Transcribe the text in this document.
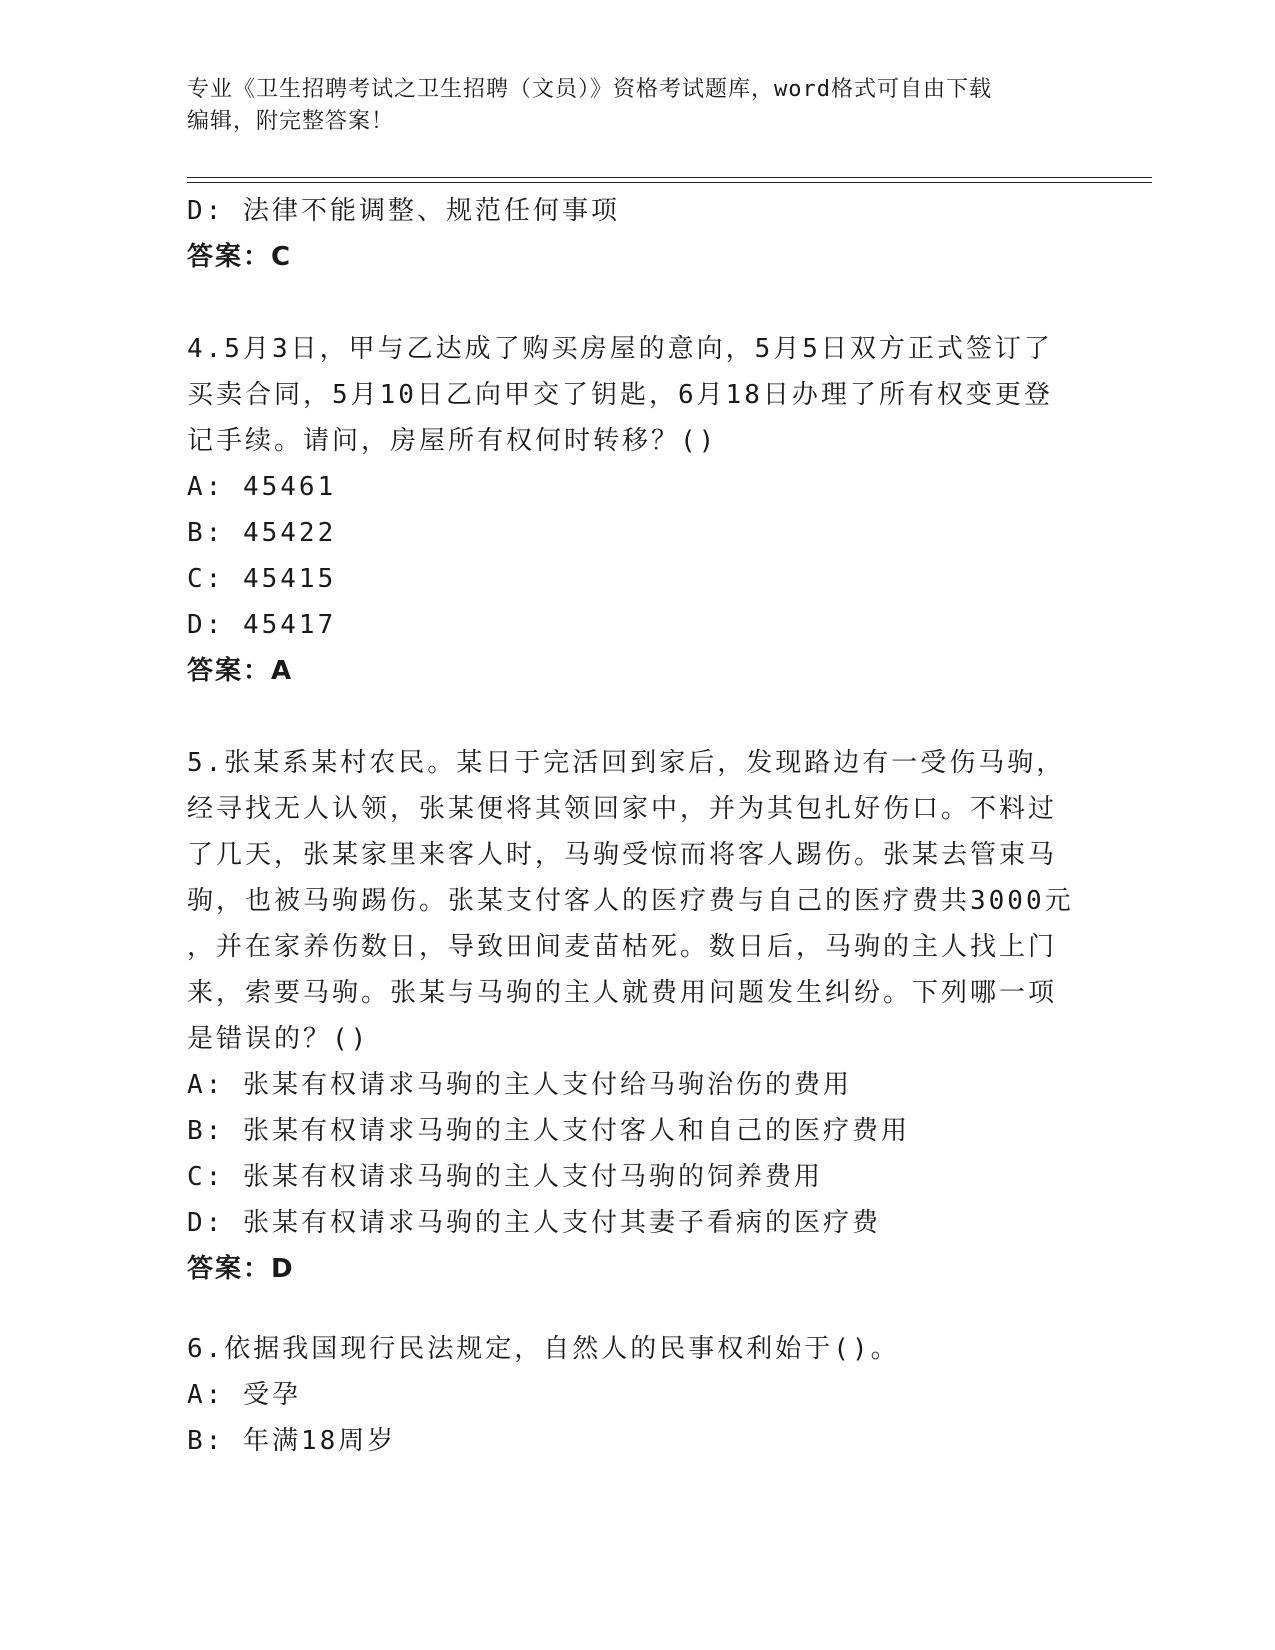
专业《卫生招聘考试之卫生招聘（文员）》资格考试题库，word格式可自由下载
编辑，附完整答案！
D: 法律不能调整、规范任何事项
答案：C
4.5月3日，甲与乙达成了购买房屋的意向，5月5日双方正式签订了
买卖合同，5月10日乙向甲交了钥匙，6月18日办理了所有权变更登
记手续。请问，房屋所有权何时转移？()
A: 45461
B: 45422
C: 45415
D: 45417
答案：A
5.张某系某村农民。某日于完活回到家后，发现路边有一受伤马驹，
经寻找无人认领，张某便将其领回家中，并为其包扎好伤口。不料过
了几天，张某家里来客人时，马驹受惊而将客人踢伤。张某去管束马
驹，也被马驹踢伤。张某支付客人的医疗费与自己的医疗费共3000元
，并在家养伤数日，导致田间麦苗枯死。数日后，马驹的主人找上门
来，索要马驹。张某与马驹的主人就费用问题发生纠纷。下列哪一项
是错误的？()
A: 张某有权请求马驹的主人支付给马驹治伤的费用
B: 张某有权请求马驹的主人支付客人和自己的医疗费用
C: 张某有权请求马驹的主人支付马驹的饲养费用
D: 张某有权请求马驹的主人支付其妻子看病的医疗费
答案：D
6.依据我国现行民法规定，自然人的民事权利始于()。
A: 受孕
B: 年满18周岁
